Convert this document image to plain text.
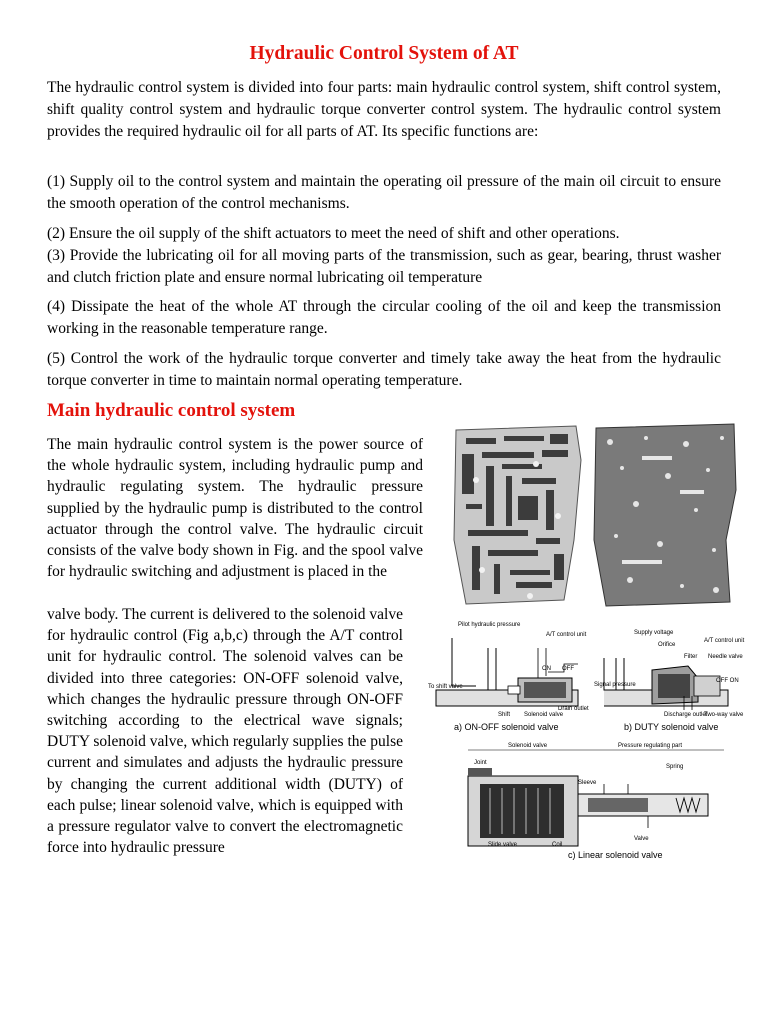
Hydraulic Control System of AT

The hydraulic control system is divided into four parts: main hydraulic control system, shift control system, shift quality control system and hydraulic torque converter control system. The hydraulic control system provides the required hydraulic oil for all parts of AT. Its specific functions are:

(1) Supply oil to the control system and maintain the operating oil pressure of the main oil circuit to ensure the smooth operation of the control mechanisms.

(2) Ensure the oil supply of the shift actuators to meet the need of shift and other operations.

(3) Provide the lubricating oil for all moving parts of the transmission, such as gear, bearing, thrust washer and clutch friction plate and ensure normal lubricating oil temperature

(4) Dissipate the heat of the whole AT through the circular cooling of the oil and keep the transmission working in the reasonable temperature range.

(5) Control the work of the hydraulic torque converter and timely take away the heat from the hydraulic torque converter in time to maintain normal operating temperature.

Main hydraulic control system

The main hydraulic control system is the power source of the whole hydraulic system, including hydraulic pump and hydraulic regulating system. The hydraulic pressure supplied by the hydraulic pump is distributed to the control actuator through the control valve. The hydraulic circuit consists of the valve body shown in Fig. and the spool valve for hydraulic switching and adjustment is placed in the

valve body. The current is delivered to the solenoid valve for hydraulic control (Fig a,b,c) through the A/T control unit for hydraulic control. The solenoid valves can be divided into three categories: ON-OFF solenoid valve, which changes the hydraulic pressure through ON-OFF switching according to the electrical wave signals; DUTY solenoid valve, which regularly supplies the pulse current and simulates and adjusts the hydraulic pressure by changing the current additional width (DUTY) of each pulse; linear solenoid valve, which is equipped with a pressure regulator valve to convert the electromagnetic force into hydraulic pressure

Pilot hydraulic pressure
A/T control unit
ON OFF
To shift valve
Shift Solenoid valve
Drain outlet
a) ON-OFF solenoid valve
Supply voltage
A/T control unit
Orifice
Filter Needle valve
Signal pressure
OFF ON
Discharge outlet
Two-way valve
b) DUTY solenoid valve
Solenoid valve	Pressure regulating part
Joint
Spring
Sleeve
Valve
Slide valve	Coil
c) Linear solenoid valve
